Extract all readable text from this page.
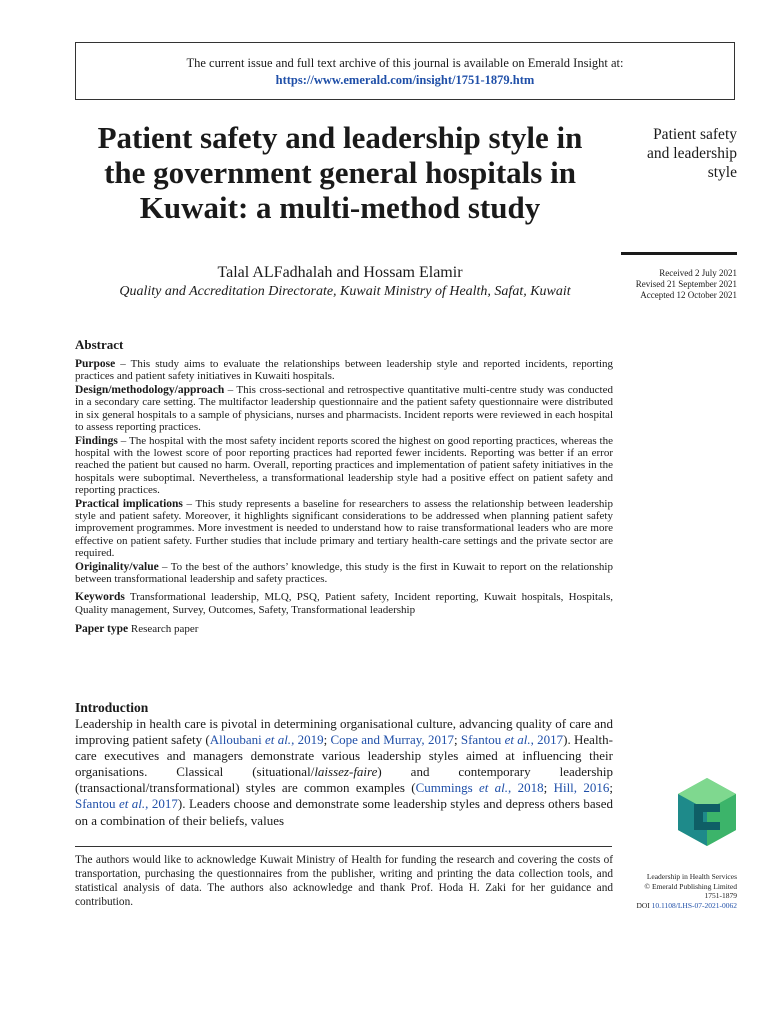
The current issue and full text archive of this journal is available on Emerald Insight at:
https://www.emerald.com/insight/1751-1879.htm
Patient safety and leadership style in the government general hospitals in Kuwait: a multi-method study
Talal ALFadhalah and Hossam Elamir
Quality and Accreditation Directorate, Kuwait Ministry of Health, Safat, Kuwait
Patient safety
and leadership
style
Received 2 July 2021
Revised 21 September 2021
Accepted 12 October 2021
Abstract

Purpose – This study aims to evaluate the relationships between leadership style and reported incidents, reporting practices and patient safety initiatives in Kuwaiti hospitals.

Design/methodology/approach – This cross-sectional and retrospective quantitative multi-centre study was conducted in a secondary care setting. The multifactor leadership questionnaire and the patient safety questionnaire were distributed in six general hospitals to a sample of physicians, nurses and pharmacists. Incident reports were reviewed in each hospital to assess reporting practices.

Findings – The hospital with the most safety incident reports scored the highest on good reporting practices, whereas the hospital with the lowest score of poor reporting practices had reported fewer incidents. Reporting was better if an error reached the patient but caused no harm. Overall, reporting practices and implementation of patient safety initiatives in the hospitals were suboptimal. Nevertheless, a transformational leadership style had a positive effect on patient safety and reporting practices.

Practical implications – This study represents a baseline for researchers to assess the relationship between leadership style and patient safety. Moreover, it highlights significant considerations to be addressed when planning patient safety improvement programmes. More investment is needed to understand how to raise transformational leaders who are more effective on patient safety. Further studies that include primary and tertiary health-care settings and the private sector are required.

Originality/value – To the best of the authors’ knowledge, this study is the first in Kuwait to report on the relationship between transformational leadership and safety practices.

Keywords Transformational leadership, MLQ, PSQ, Patient safety, Incident reporting, Kuwait hospitals, Hospitals, Quality management, Survey, Outcomes, Safety, Transformational leadership

Paper type Research paper

Introduction

Leadership in health care is pivotal in determining organisational culture, advancing quality of care and improving patient safety (Alloubani et al., 2019; Cope and Murray, 2017; Sfantou et al., 2017). Health-care executives and managers demonstrate various leadership styles aimed at influencing their organisations. Classical (situational/laissez-faire) and contemporary leadership (transactional/transformational) styles are common examples (Cummings et al., 2018; Hill, 2016; Sfantou et al., 2017). Leaders choose and demonstrate some leadership styles and depress others based on a combination of their beliefs, values

The authors would like to acknowledge Kuwait Ministry of Health for funding the research and covering the costs of transportation, purchasing the questionnaires from the publisher, writing and printing the data collection tools, and statistical analysis of data. The authors also acknowledge and thank Prof. Hoda H. Zaki for her guidance and contribution.
Leadership in Health Services
© Emerald Publishing Limited
1751-1879
DOI 10.1108/LHS-07-2021-0062
